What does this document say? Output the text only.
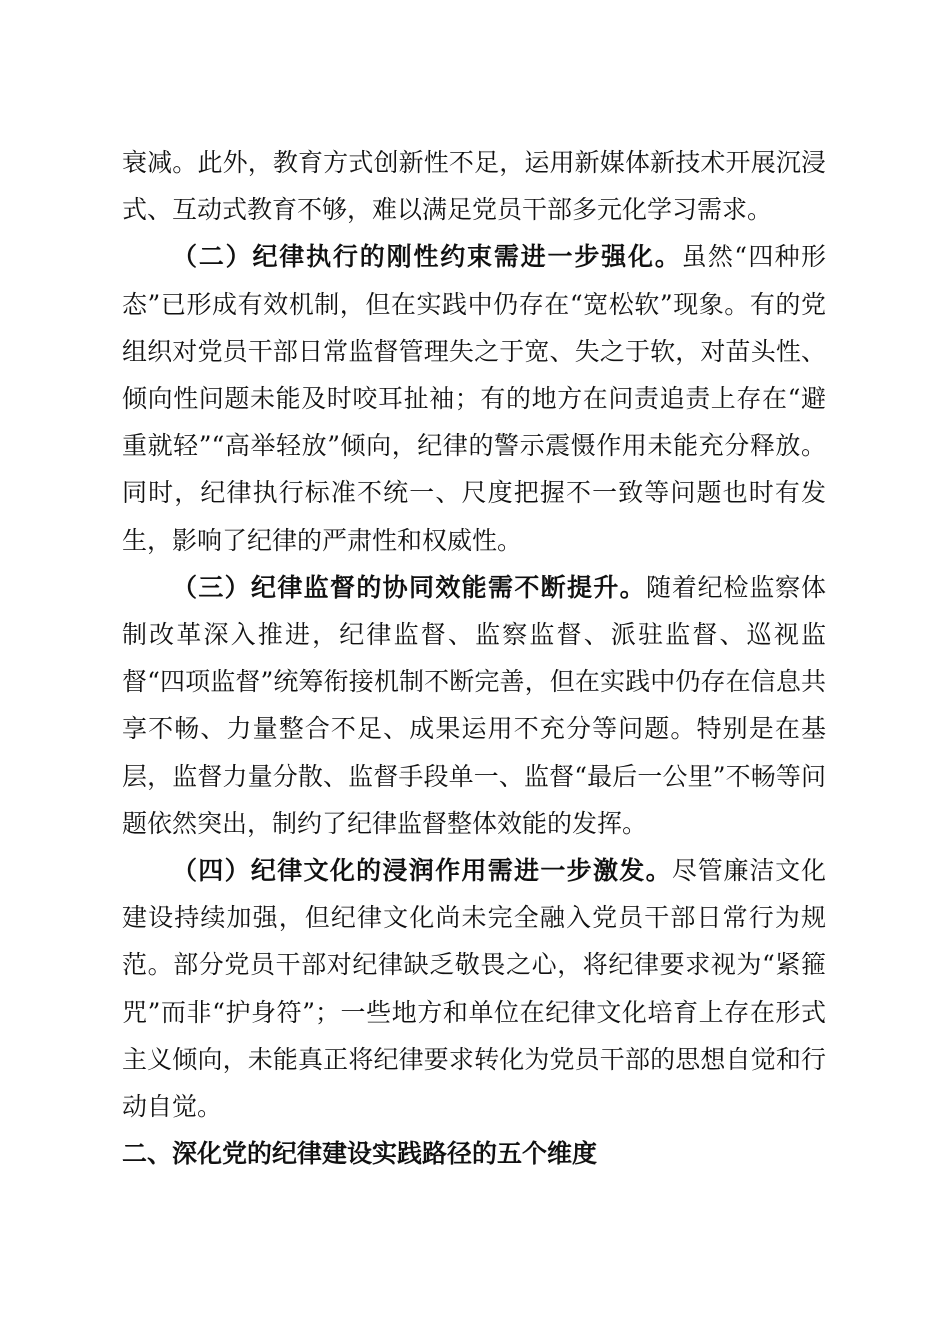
衰减。此外，教育方式创新性不足，运用新媒体新技术开展沉浸式、互动式教育不够，难以满足党员干部多元化学习需求。

（二）纪律执行的刚性约束需进一步强化。虽然“四种形态”已形成有效机制，但在实践中仍存在“宽松软”现象。有的党组织对党员干部日常监督管理失之于宽、失之于软，对苗头性、倾向性问题未能及时咬耳扯袖；有的地方在问责追责上存在“避重就轻”“高举轻放”倾向，纪律的警示震慑作用未能充分释放。同时，纪律执行标准不统一、尺度把握不一致等问题也时有发生，影响了纪律的严肃性和权威性。

（三）纪律监督的协同效能需不断提升。随着纪检监察体制改革深入推进，纪律监督、监察监督、派驻监督、巡视监督“四项监督”统筹衔接机制不断完善，但在实践中仍存在信息共享不畅、力量整合不足、成果运用不充分等问题。特别是在基层，监督力量分散、监督手段单一、监督“最后一公里”不畅等问题依然突出，制约了纪律监督整体效能的发挥。

（四）纪律文化的浸润作用需进一步激发。尽管廉洁文化建设持续加强，但纪律文化尚未完全融入党员干部日常行为规范。部分党员干部对纪律缺乏敬畏之心，将纪律要求视为“紧箍咒”而非“护身符”；一些地方和单位在纪律文化培育上存在形式主义倾向，未能真正将纪律要求转化为党员干部的思想自觉和行动自觉。

二、深化党的纪律建设实践路径的五个维度
